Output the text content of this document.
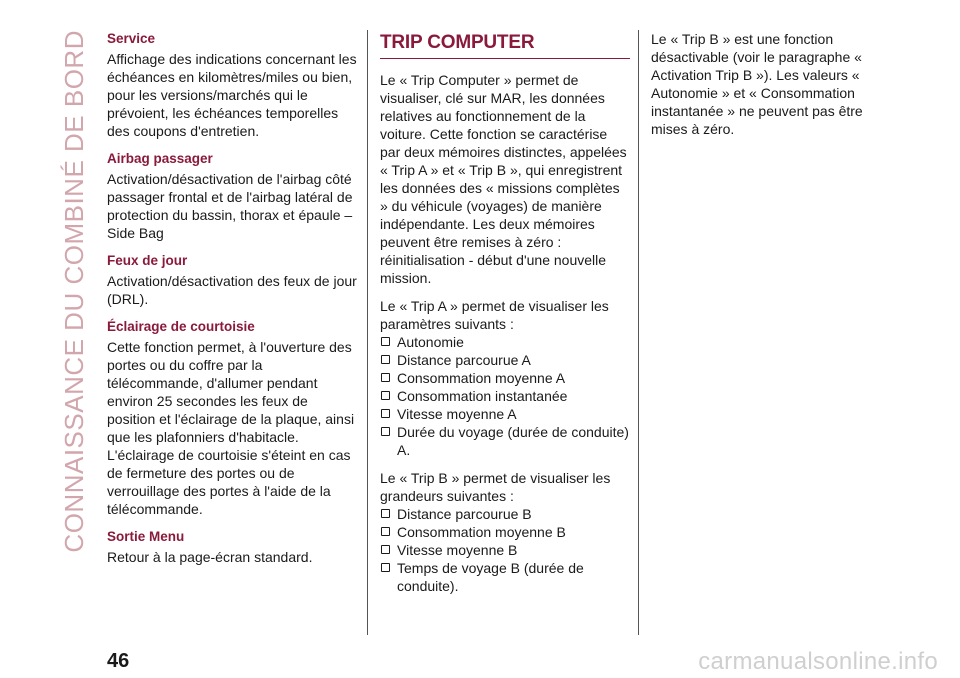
CONNAISSANCE DU COMBINÉ DE BORD Service

Affichage des indications concernant les échéances en kilomètres/miles ou bien, pour les versions/marchés qui le prévoient, les échéances temporelles des coupons d'entretien.

Airbag passager

Activation/désactivation de l'airbag côté passager frontal et de l'airbag latéral de protection du bassin, thorax et épaule – Side Bag

Feux de jour

Activation/désactivation des feux de jour (DRL).

Éclairage de courtoisie

Cette fonction permet, à l'ouverture des portes ou du coffre par la télécommande, d'allumer pendant environ 25 secondes les feux de position et l'éclairage de la plaque, ainsi que les plafonniers d'habitacle. L'éclairage de courtoisie s'éteint en cas de fermeture des portes ou de verrouillage des portes à l'aide de la télécommande.

Sortie Menu

Retour à la page-écran standard.

TRIP COMPUTER

Le « Trip Computer » permet de visualiser, clé sur MAR, les données relatives au fonctionnement de la voiture. Cette fonction se caractérise par deux mémoires distinctes, appelées « Trip A » et « Trip B », qui enregistrent les données des « missions complètes » du véhicule (voyages) de manière indépendante. Les deux mémoires peuvent être remises à zéro : réinitialisation - début d'une nouvelle mission.

Le « Trip A » permet de visualiser les paramètres suivants :

Autonomie
Distance parcourue A
Consommation moyenne A
Consommation instantanée
Vitesse moyenne A
Durée du voyage (durée de conduite) A.

Le « Trip B » permet de visualiser les grandeurs suivantes :

Distance parcourue B
Consommation moyenne B
Vitesse moyenne B
Temps de voyage B (durée de conduite).

Le « Trip B » est une fonction désactivable (voir le paragraphe « Activation Trip B »). Les valeurs « Autonomie » et « Consommation instantanée » ne peuvent pas être mises à zéro.

46	carmanualsonline.info
